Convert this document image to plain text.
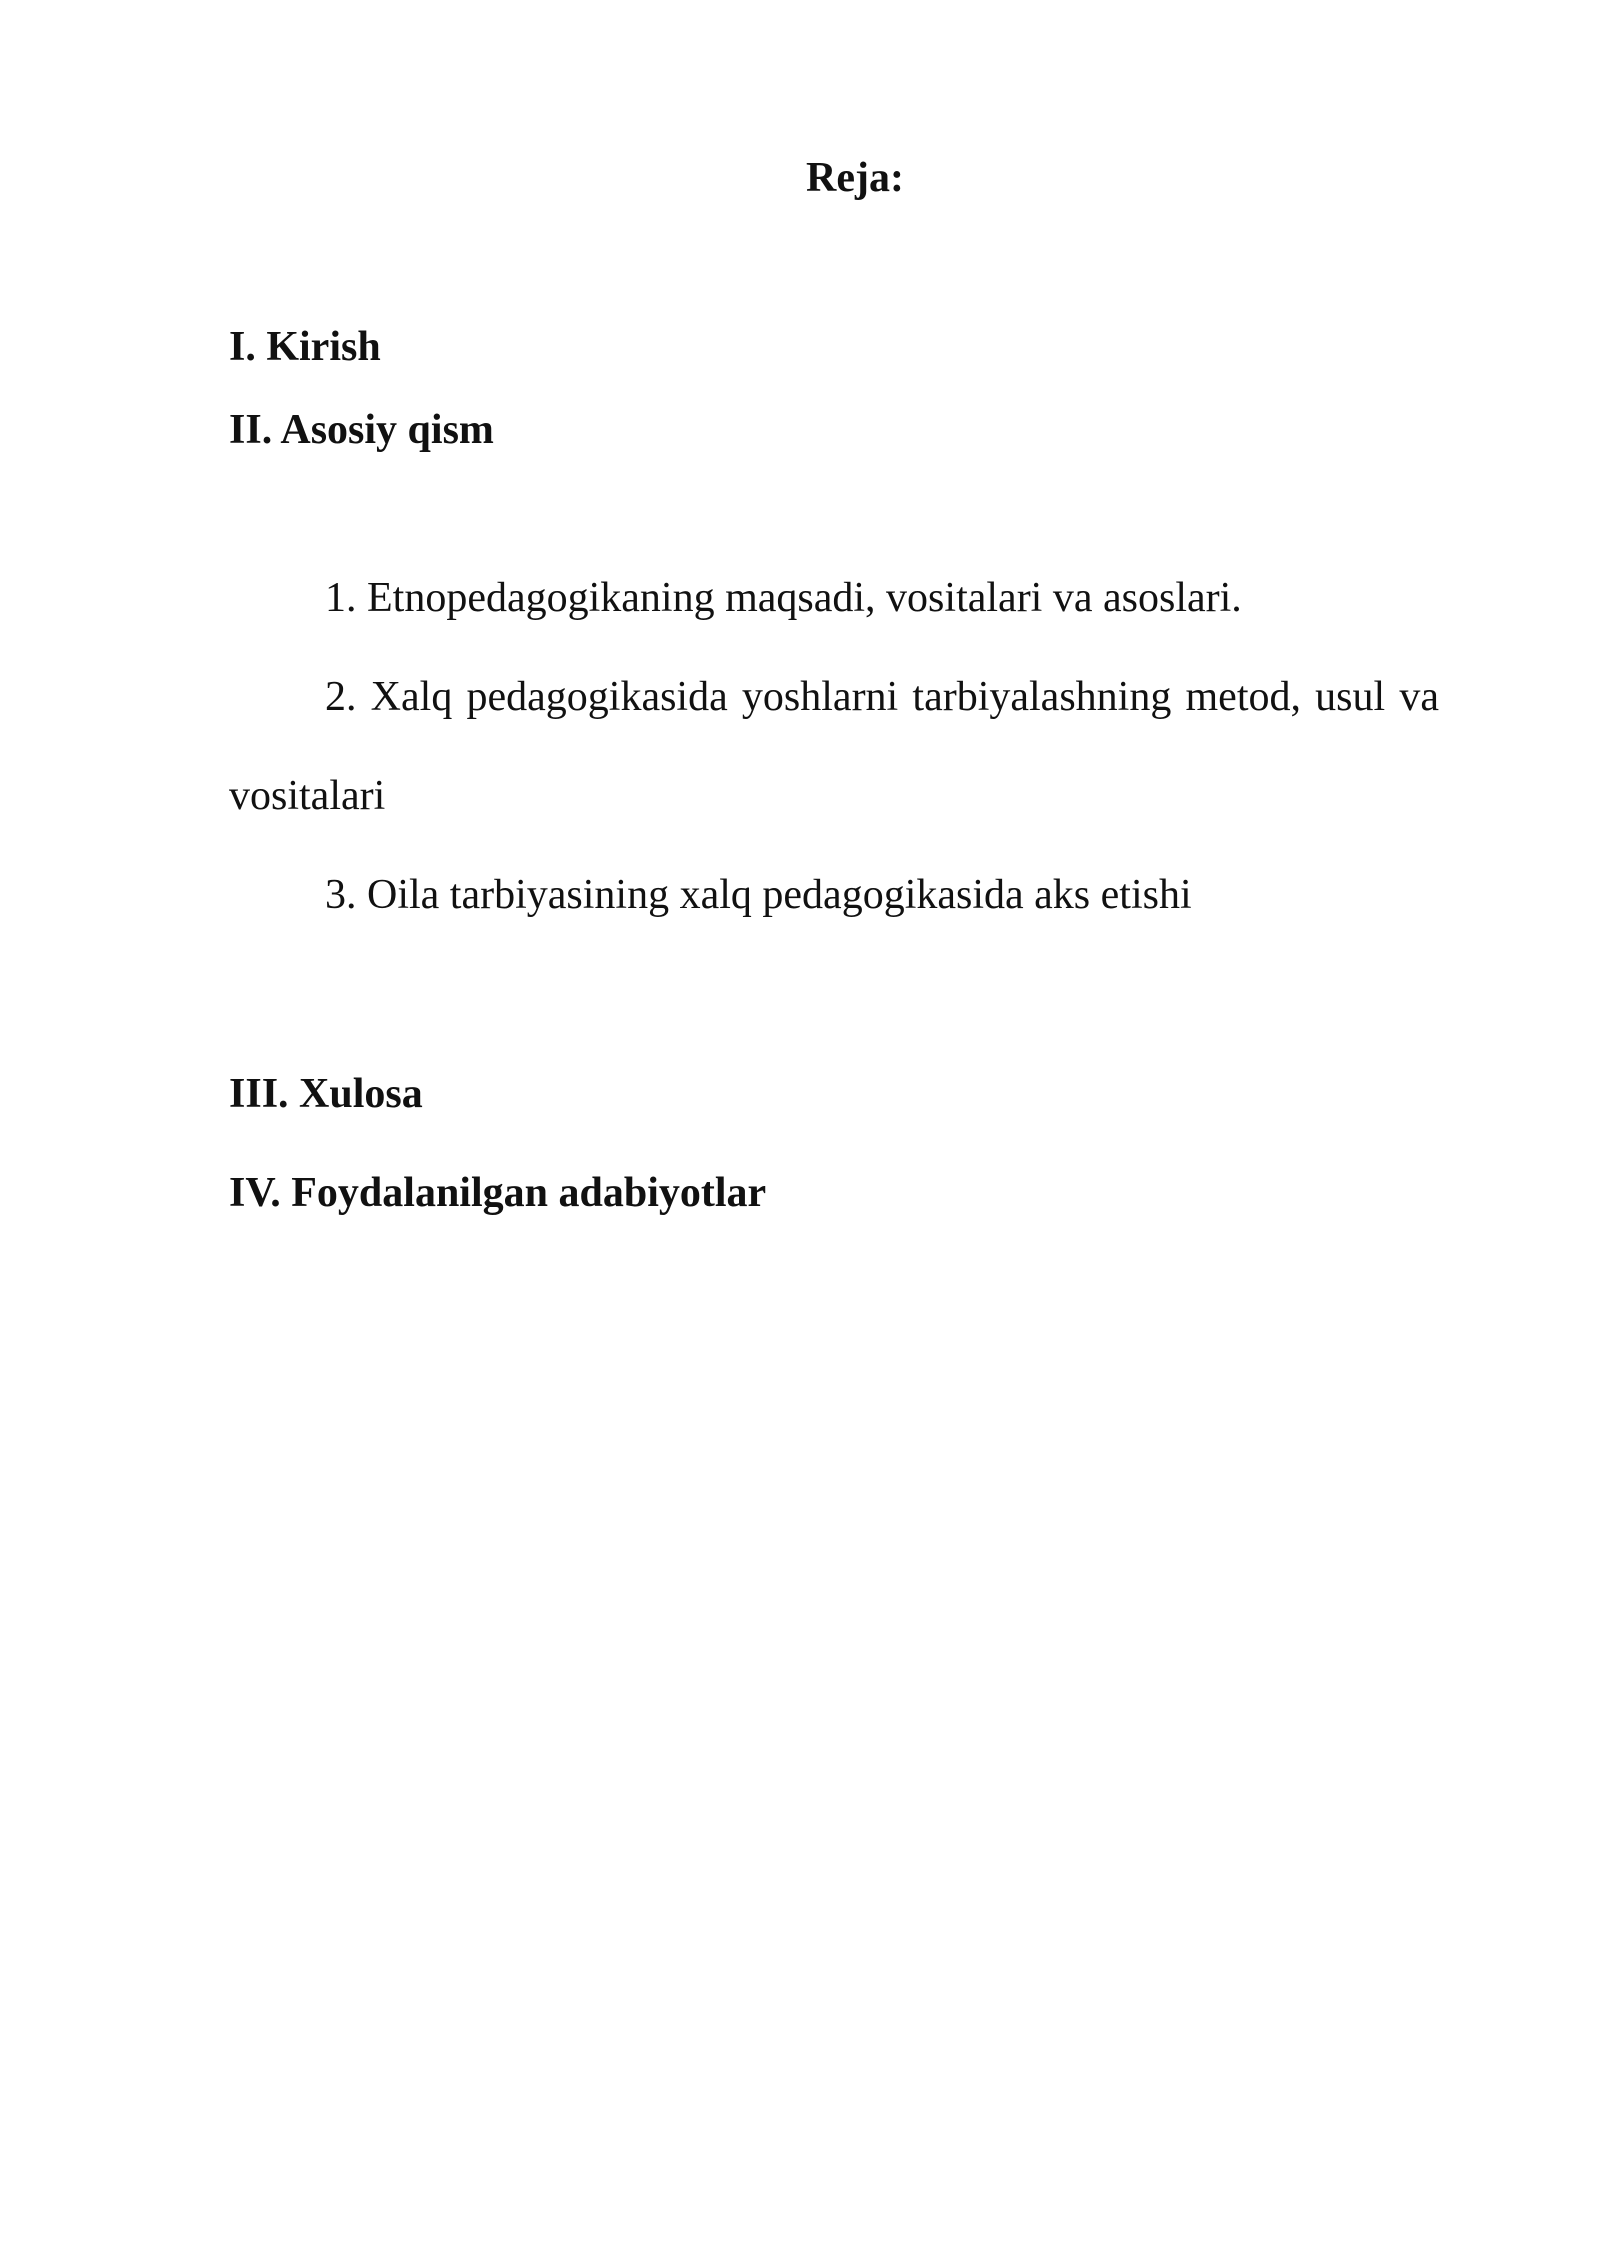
Reja:

I. Kirish

II. Asosiy qism

1. Etnopedagogikaning maqsadi, vositalari va asoslari.

2. Xalq pedagogikasida yoshlarni tarbiyalashning metod, usul va vositalari

3. Oila tarbiyasining xalq pedagogikasida aks etishi

III. Xulosa

IV. Foydalanilgan adabiyotlar
